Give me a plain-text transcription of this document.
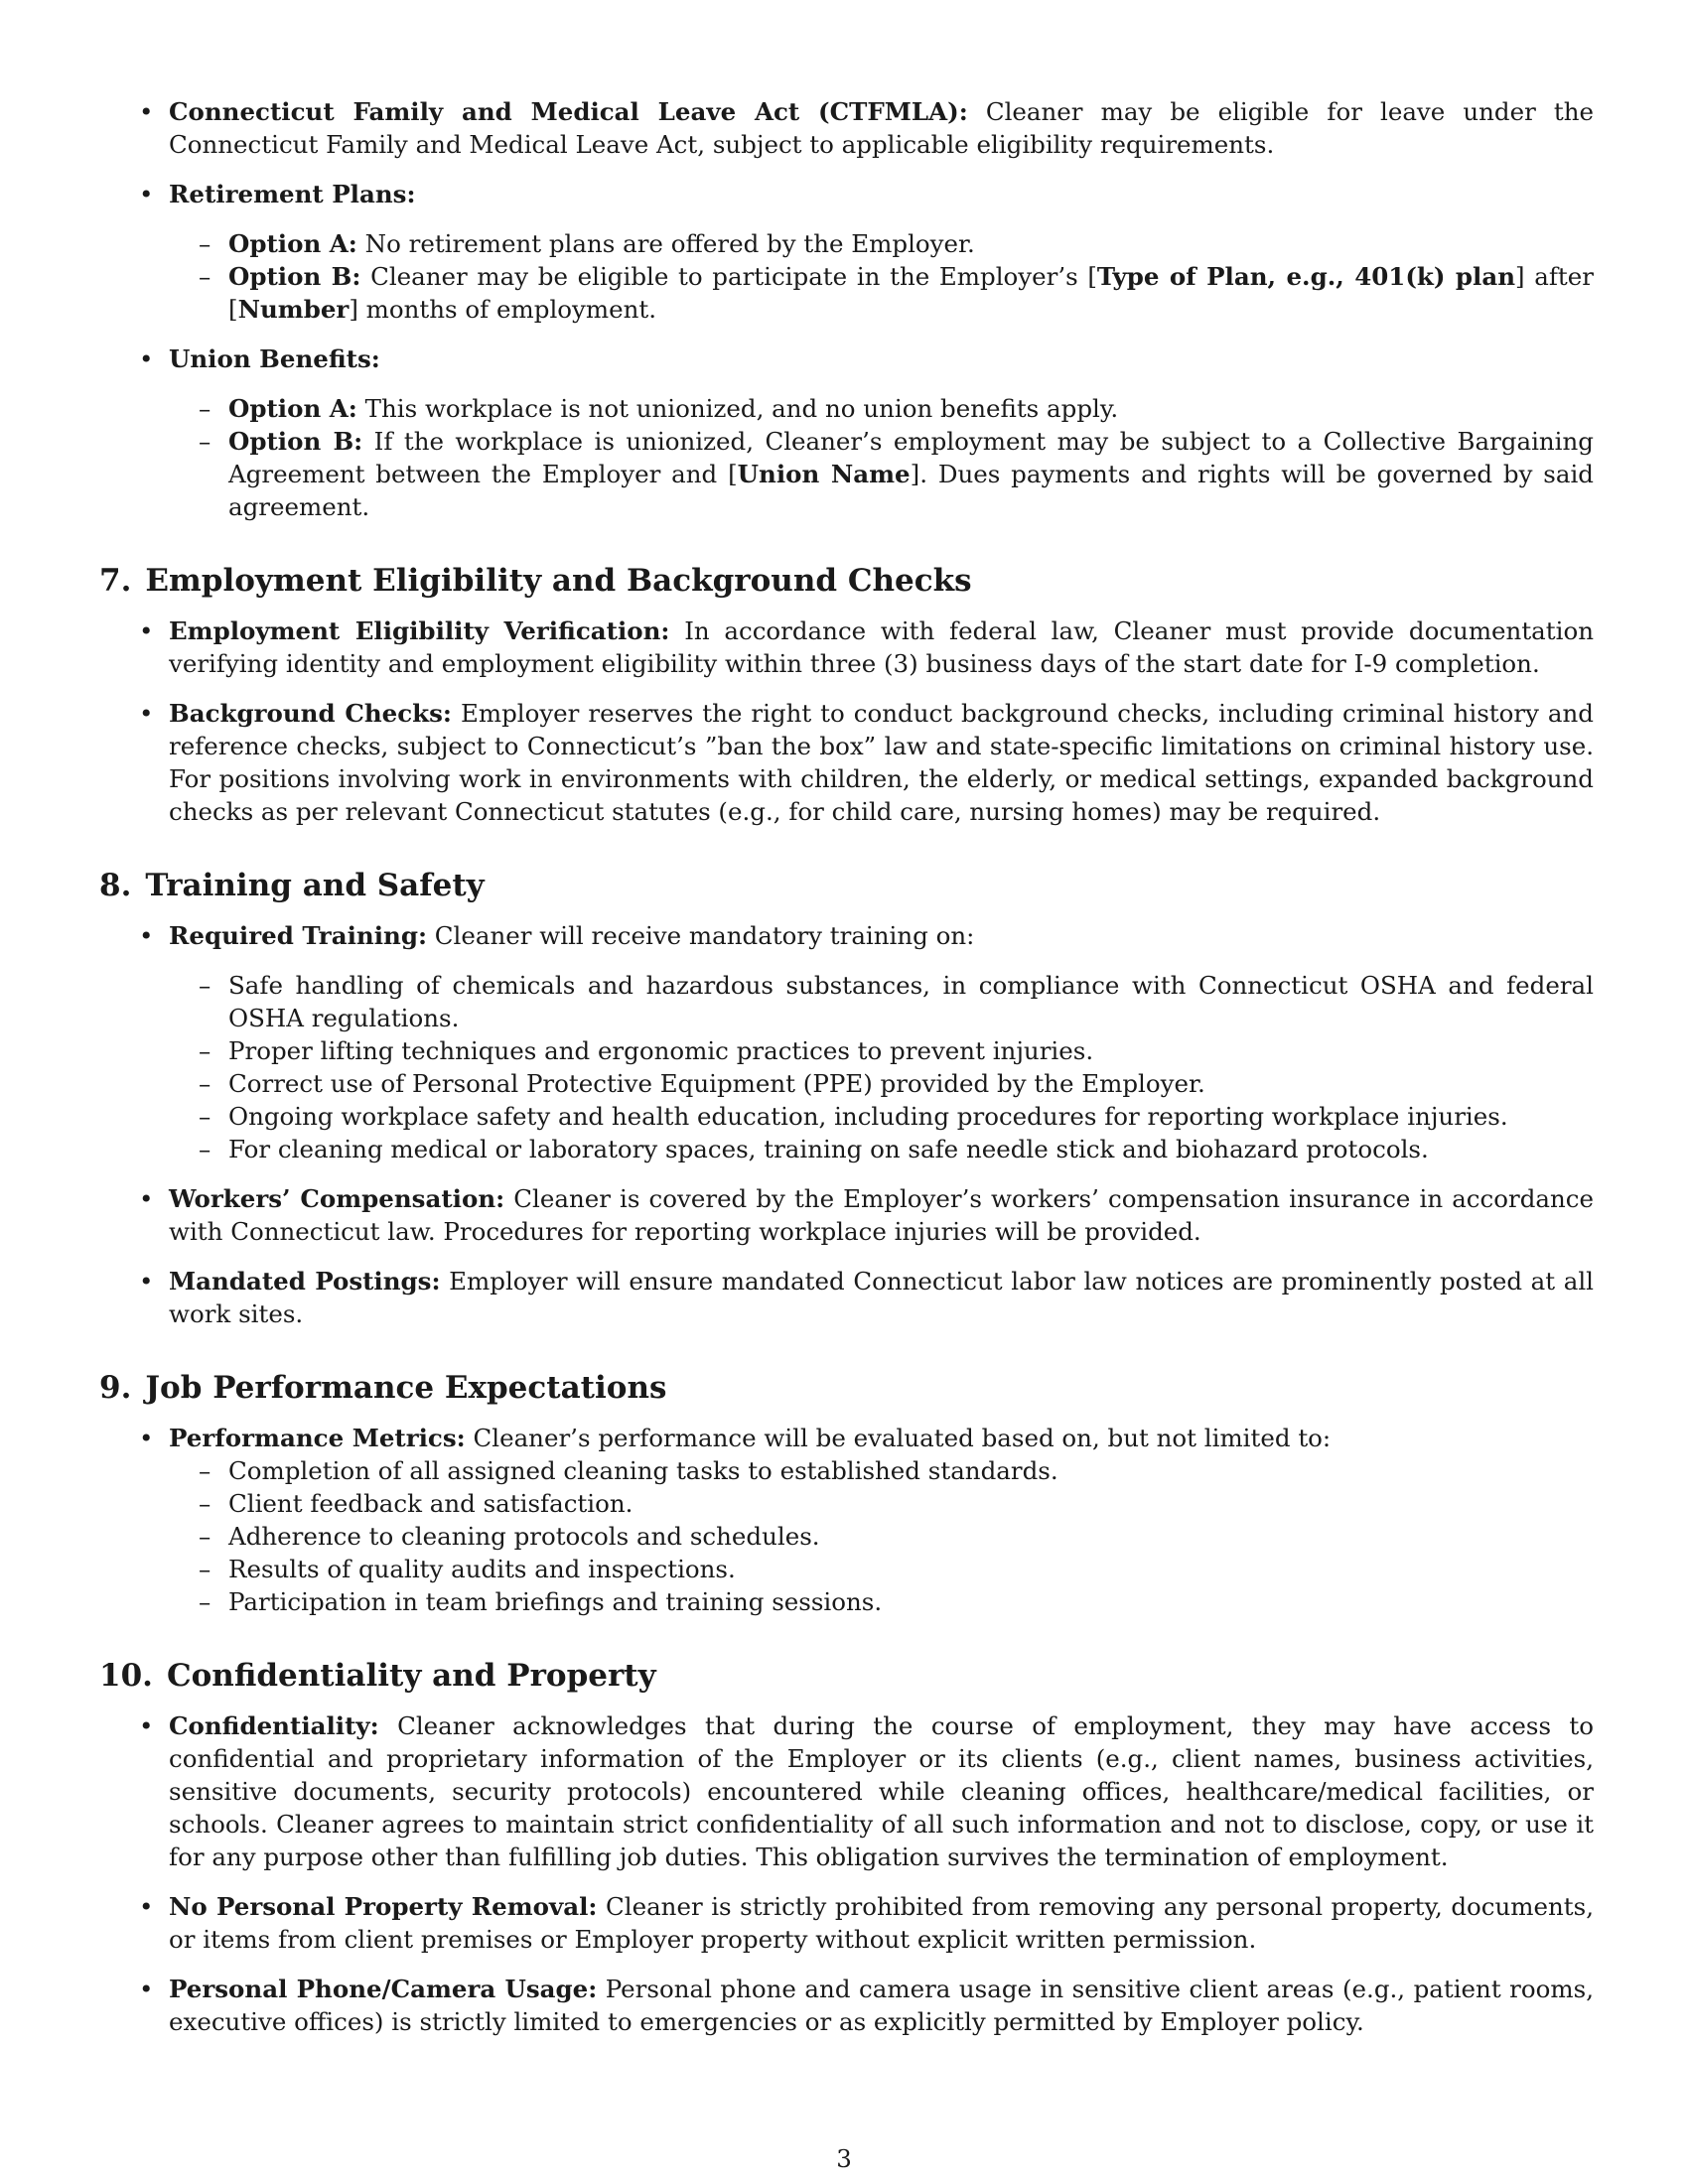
• Connecticut Family and Medical Leave Act (CTFMLA): Cleaner may be eligible for leave under the Connecticut Family and Medical Leave Act, subject to applicable eligibility requirements.
• Retirement Plans:
– Option A: No retirement plans are offered by the Employer.
– Option B: Cleaner may be eligible to participate in the Employer’s [Type of Plan, e.g., 401(k) plan] after [Number] months of employment.
• Union Benefits:
– Option A: This workplace is not unionized, and no union benefits apply.
– Option B: If the workplace is unionized, Cleaner’s employment may be subject to a Collective Bargaining Agreement between the Employer and [Union Name]. Dues payments and rights will be governed by said agreement.
7. Employment Eligibility and Background Checks
• Employment Eligibility Verification: In accordance with federal law, Cleaner must provide documentation verifying identity and employment eligibility within three (3) business days of the start date for I-9 completion.
• Background Checks: Employer reserves the right to conduct background checks, including criminal history and reference checks, subject to Connecticut’s ”ban the box” law and state-specific limitations on criminal history use. For positions involving work in environments with children, the elderly, or medical settings, expanded background checks as per relevant Connecticut statutes (e.g., for child care, nursing homes) may be required.
8. Training and Safety
• Required Training: Cleaner will receive mandatory training on:
– Safe handling of chemicals and hazardous substances, in compliance with Connecticut OSHA and federal OSHA regulations.
– Proper lifting techniques and ergonomic practices to prevent injuries.
– Correct use of Personal Protective Equipment (PPE) provided by the Employer.
– Ongoing workplace safety and health education, including procedures for reporting workplace injuries.
– For cleaning medical or laboratory spaces, training on safe needle stick and biohazard protocols.
• Workers’ Compensation: Cleaner is covered by the Employer’s workers’ compensation insurance in accordance with Connecticut law. Procedures for reporting workplace injuries will be provided.
• Mandated Postings: Employer will ensure mandated Connecticut labor law notices are prominently posted at all work sites.
9. Job Performance Expectations
• Performance Metrics: Cleaner’s performance will be evaluated based on, but not limited to:
– Completion of all assigned cleaning tasks to established standards.
– Client feedback and satisfaction.
– Adherence to cleaning protocols and schedules.
– Results of quality audits and inspections.
– Participation in team briefings and training sessions.
10. Confidentiality and Property
• Confidentiality: Cleaner acknowledges that during the course of employment, they may have access to confidential and proprietary information of the Employer or its clients (e.g., client names, business activities, sensitive documents, security protocols) encountered while cleaning offices, healthcare/medical facilities, or schools. Cleaner agrees to maintain strict confidentiality of all such information and not to disclose, copy, or use it for any purpose other than fulfilling job duties. This obligation survives the termination of employment.
• No Personal Property Removal: Cleaner is strictly prohibited from removing any personal property, documents, or items from client premises or Employer property without explicit written permission.
• Personal Phone/Camera Usage: Personal phone and camera usage in sensitive client areas (e.g., patient rooms, executive offices) is strictly limited to emergencies or as explicitly permitted by Employer policy.
3
